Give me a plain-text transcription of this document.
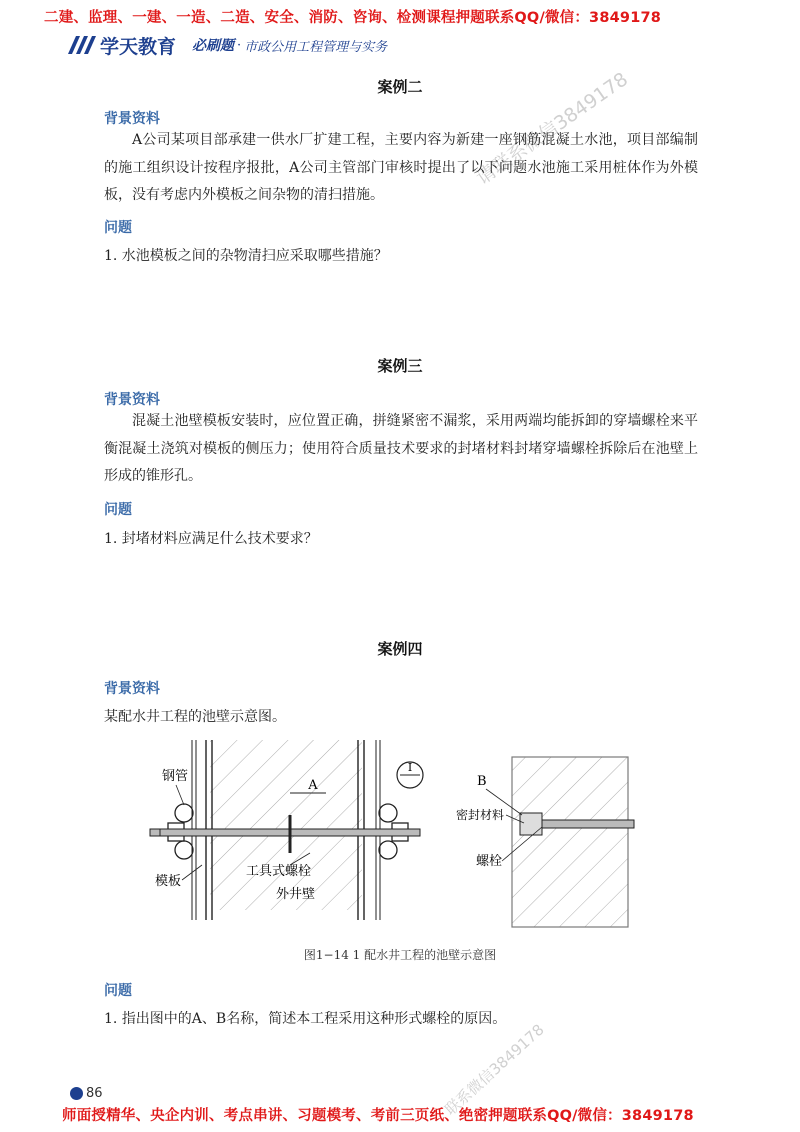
二建、监理、一建、一造、二造、安全、消防、咨询、检测课程押题联系QQ/微信：3849178
学天教育 必刷题 · 市政公用工程管理与实务
请联系微信3849178
联系微信3849178
案例二
背景资料
A公司某项目部承建一供水厂扩建工程，主要内容为新建一座钢筋混凝土水池，项目部编制的施工组织设计按程序报批，A公司主管部门审核时提出了以下问题水池施工采用桩体作为外模板，没有考虑内外模板之间杂物的清扫措施。
问题
1. 水池模板之间的杂物清扫应采取哪些措施？
案例三
背景资料
混凝土池壁模板安装时，应位置正确，拼缝紧密不漏浆，采用两端均能拆卸的穿墙螺栓来平衡混凝土浇筑对模板的侧压力；使用符合质量技术要求的封堵材料封堵穿墙螺栓拆除后在池壁上形成的锥形孔。
问题
1. 封堵材料应满足什么技术要求？
案例四
背景资料
某配水井工程的池壁示意图。
A
I
钢管
模板
工具式螺栓
外井壁
B
密封材料
螺栓
图1−14 1 配水井工程的池壁示意图
问题
1. 指出图中的A、B名称，简述本工程采用这种形式螺栓的原因。
86
师面授精华、央企内训、考点串讲、习题模考、考前三页纸、绝密押题联系QQ/微信：3849178
